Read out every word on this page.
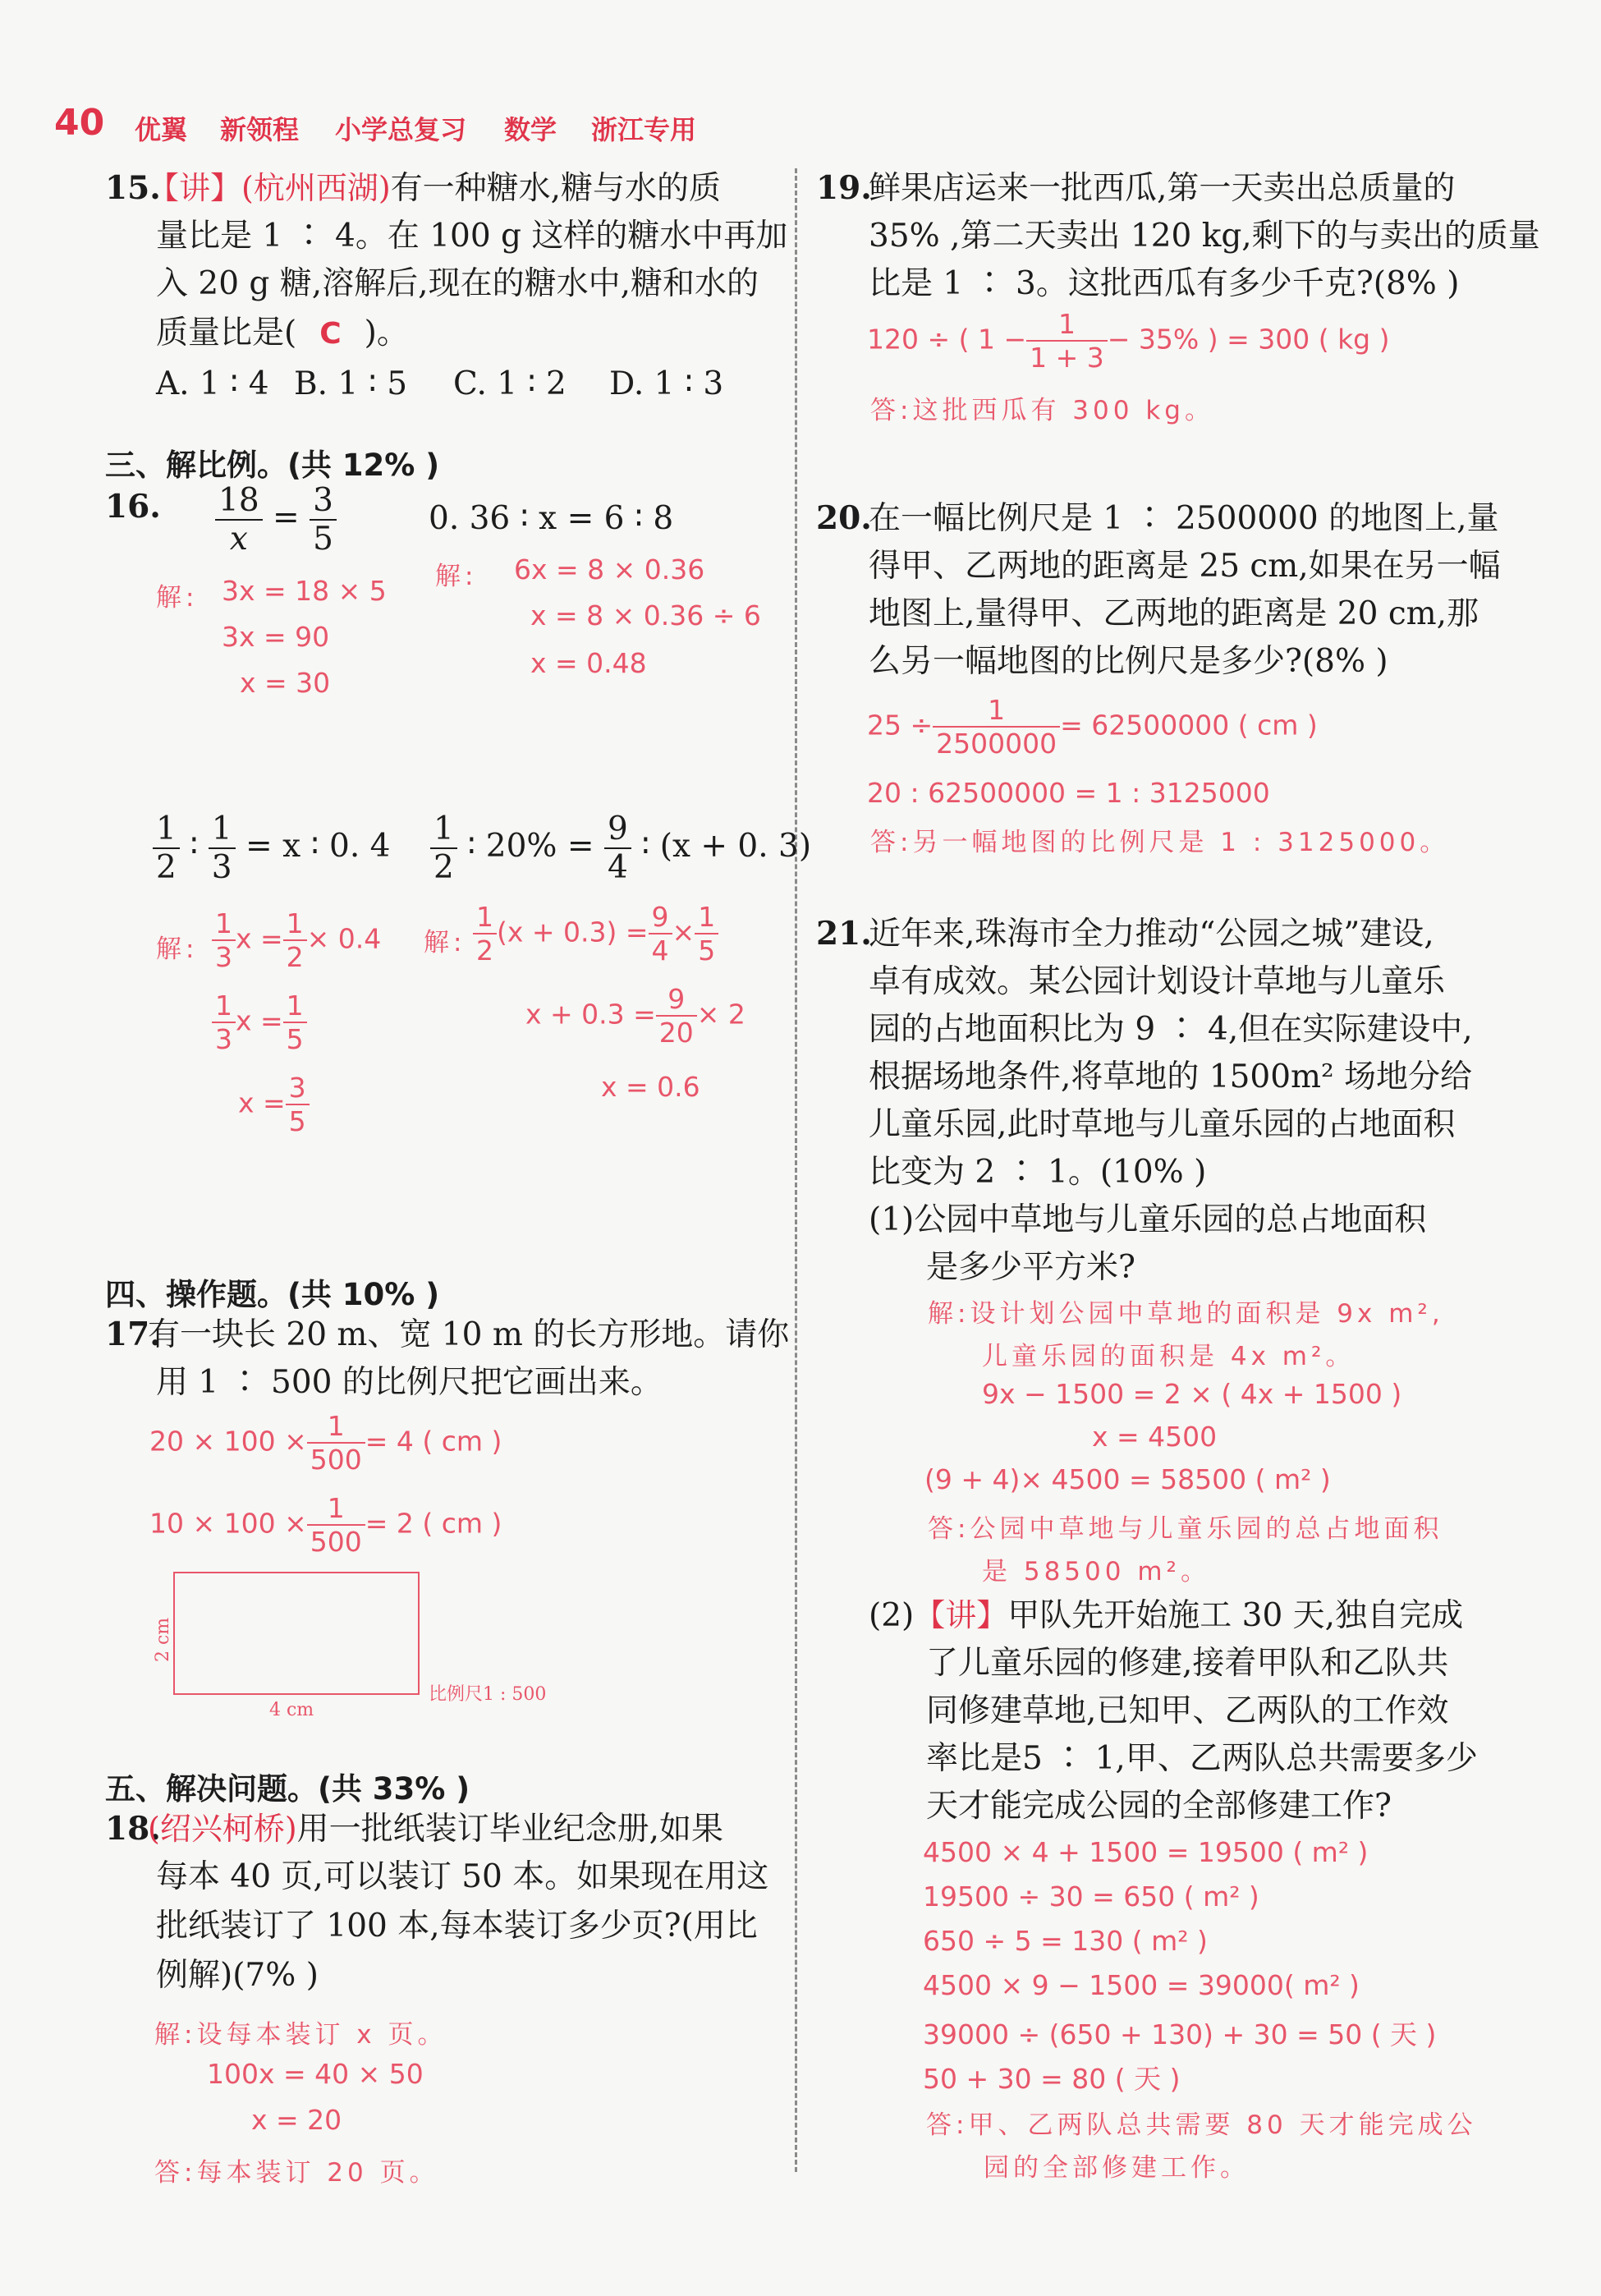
40 优翼 新领程 小学总复习 数学 浙江专用
15.
【讲】(杭州西湖)有一种糖水,糖与水的质
量比是 1 ∶ 4。在 100 g 这样的糖水中再加
入 20 g 糖,溶解后,现在的糖水中,糖和水的
质量比是( C )。
A. 1 ∶ 4 B. 1 ∶ 5 C. 1 ∶ 2 D. 1 ∶ 3
三、解比例。(共 12% )
16. $\frac{18}{x} = \frac{3}{5}$
解: 3x = 18 × 5
3x = 90
x = 30
0. 36 ∶ x = 6 ∶ 8
解: 6x = 8 × 0.36
x = 8 × 0.36 ÷ 6
x = 0.48
$\frac{1}{2}$ ∶ $\frac{1}{3} = x$ ∶ 0. 4
解: $\frac{1}{3}$ $x = \frac{1}{2} \times 0.4$
$\frac{1}{3}$ $x = \frac{1}{5}$
$x = \frac{3}{5}$
$\frac{1}{2}$ ∶ $20\% = \frac{9}{4}$ ∶ (x + 0. 3)
解: $\frac{1}{2} (x + 0.3) = \frac{9}{4} \times \frac{1}{5}$
$x + 0.3 = \frac{9}{20} \times 2$
x = 0.6
四、操作题。(共 10% )
17.
有一块长 20 m、宽 10 m 的长方形地。请你
用 1 ∶ 500 的比例尺把它画出来。
$20 \times 100 \times \frac{1}{500} = 4$ ( cm )
$10 \times 100 \times \frac{1}{500} = 2$ ( cm )
4 cm
2 cm
比例尺1 : 500
五、解决问题。(共 33% )
18.
(绍兴柯桥)用一批纸装订毕业纪念册,如果
每本 40 页,可以装订 50 本。如果现在用这
批纸装订了 100 本,每本装订多少页?(用比
例解)(7% )
解:设每本装订 x 页。
100x = 40 × 50
x = 20
答:每本装订 20 页。
19.
鲜果店运来一批西瓜,第一天卖出总质量的
35% ,第二天卖出 120 kg,剩下的与卖出的质量
比是 1 ∶ 3。这批西瓜有多少千克?(8% )
120 ÷ ( $1 - \frac{1}{1 + 3} - 35\%$ ) = 300 ( kg )
答:这批西瓜有 300 kg。
20.
在一幅比例尺是 1 ∶ 2500000 的地图上,量
得甲、乙两地的距离是 25 cm,如果在另一幅
地图上,量得甲、乙两地的距离是 20 cm,那
么另一幅地图的比例尺是多少?(8% )
$25 \div \frac{1}{2500000} = 62500000$ ( cm )
20 : 62500000 = 1 : 3125000
答:另一幅地图的比例尺是 1 : 3125000。
21.
近年来,珠海市全力推动“公园之城”建设,
卓有成效。某公园计划设计草地与儿童乐
园的占地面积比为 9 ∶ 4,但在实际建设中,
根据场地条件,将草地的 1500m² 场地分给
儿童乐园,此时草地与儿童乐园的占地面积
比变为 2 ∶ 1。(10% )
(1)公园中草地与儿童乐园的总占地面积
是多少平方米?
解:设计划公园中草地的面积是 9x m²,
儿童乐园的面积是 4x m²。
9x − 1500 = 2 × ( 4x + 1500 )
x = 4500
(9 + 4)× 4500 = 58500 ( m² )
答:公园中草地与儿童乐园的总占地面积
是 58500 m²。
(2)【讲】甲队先开始施工 30 天,独自完成
了儿童乐园的修建,接着甲队和乙队共
同修建草地,已知甲、乙两队的工作效
率比是5 ∶ 1,甲、乙两队总共需要多少
天才能完成公园的全部修建工作?
4500 × 4 + 1500 = 19500 ( m² )
19500 ÷ 30 = 650 ( m² )
650 ÷ 5 = 130 ( m² )
4500 × 9 − 1500 = 39000( m² )
39000 ÷ (650 + 130) + 30 = 50 ( 天 )
50 + 30 = 80 ( 天 )
答:甲、乙两队总共需要 80 天才能完成公
园的全部修建工作。
